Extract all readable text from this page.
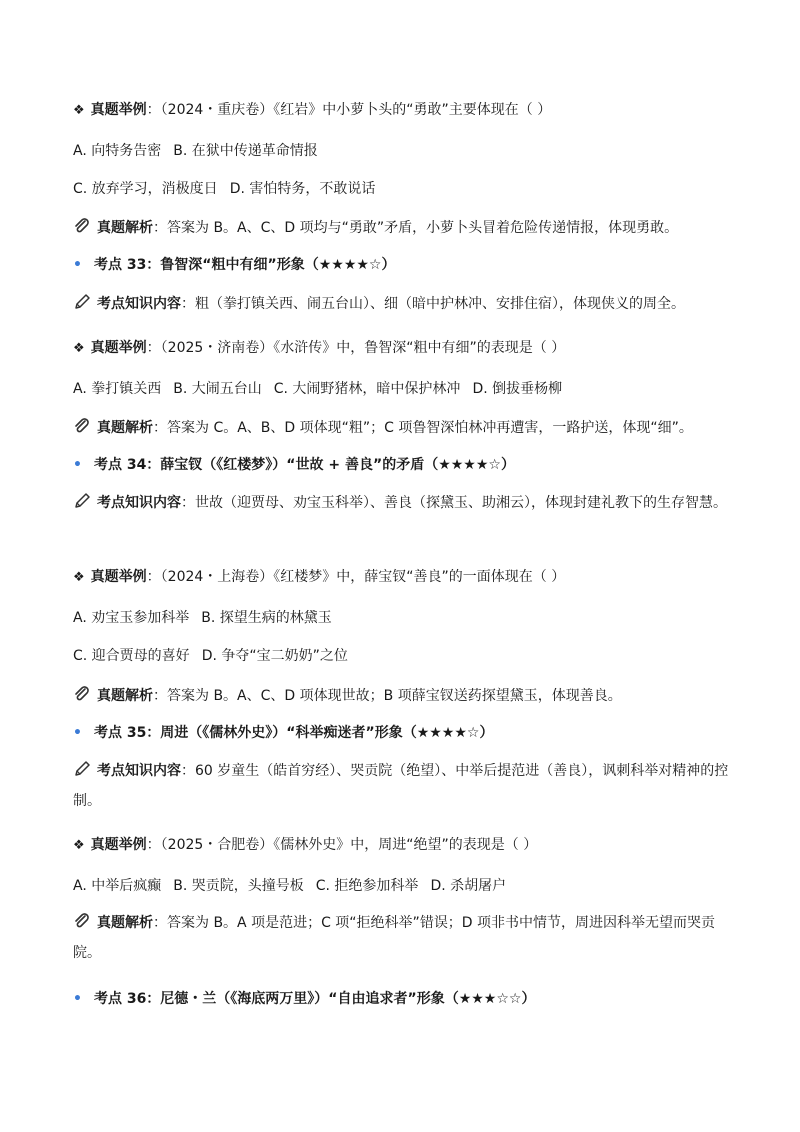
❖ 真题举例：（2024・重庆卷）《红岩》中小萝卜头的“勇敢”主要体现在（ ）
A. 向特务告密 B. 在狱中传递革命情报
C. 放弃学习，消极度日 D. 害怕特务，不敢说话
真题解析：答案为 B。A、C、D 项均与“勇敢”矛盾，小萝卜头冒着危险传递情报，体现勇敢。
• 考点 33：鲁智深“粗中有细”形象（★★★★☆）
考点知识内容：粗（拳打镇关西、闹五台山）、细（暗中护林冲、安排住宿），体现侠义的周全。
❖ 真题举例：（2025・济南卷）《水浒传》中，鲁智深“粗中有细”的表现是（ ）
A. 拳打镇关西 B. 大闹五台山 C. 大闹野猪林，暗中保护林冲 D. 倒拔垂杨柳
真题解析：答案为 C。A、B、D 项体现“粗”；C 项鲁智深怕林冲再遭害，一路护送，体现“细”。
• 考点 34：薛宝钗（《红楼梦》）“世故 + 善良”的矛盾（★★★★☆）
考点知识内容：世故（迎贾母、劝宝玉科举）、善良（探黛玉、助湘云），体现封建礼教下的生存智慧。
❖ 真题举例：（2024・上海卷）《红楼梦》中，薛宝钗“善良”的一面体现在（ ）
A. 劝宝玉参加科举 B. 探望生病的林黛玉
C. 迎合贾母的喜好 D. 争夺“宝二奶奶”之位
真题解析：答案为 B。A、C、D 项体现世故；B 项薛宝钗送药探望黛玉，体现善良。
• 考点 35：周进（《儒林外史》）“科举痴迷者”形象（★★★★☆）
考点知识内容：60 岁童生（皓首穷经）、哭贡院（绝望）、中举后提范进（善良），讽刺科举对精神的控制。
❖ 真题举例：（2025・合肥卷）《儒林外史》中，周进“绝望”的表现是（ ）
A. 中举后疯癫 B. 哭贡院，头撞号板 C. 拒绝参加科举 D. 杀胡屠户
真题解析：答案为 B。A 项是范进；C 项“拒绝科举”错误；D 项非书中情节，周进因科举无望而哭贡院。
• 考点 36：尼德・兰（《海底两万里》）“自由追求者”形象（★★★☆☆）
